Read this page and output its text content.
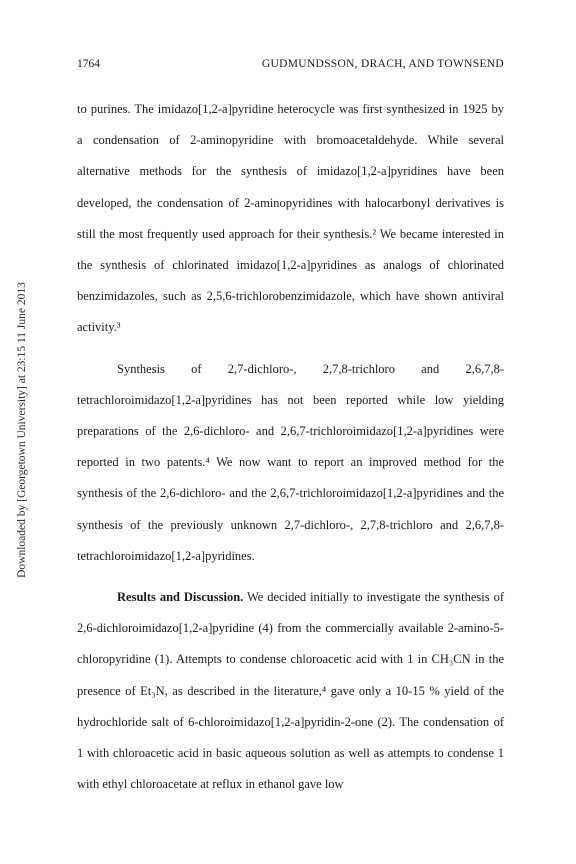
Downloaded by [Georgetown University] at 23:15 11 June 2013
1764	GUDMUNDSSON, DRACH, AND TOWNSEND

to purines. The imidazo[1,2-a]pyridine heterocycle was first synthesized in 1925 by a condensation of 2-aminopyridine with bromoacetaldehyde. While several alternative methods for the synthesis of imidazo[1,2-a]pyridines have been developed, the condensation of 2-aminopyridines with halocarbonyl derivatives is still the most frequently used approach for their synthesis.² We became interested in the synthesis of chlorinated imidazo[1,2-a]pyridines as analogs of chlorinated benzimidazoles, such as 2,5,6-trichlorobenzimidazole, which have shown antiviral activity.³

Synthesis of 2,7-dichloro-, 2,7,8-trichloro and 2,6,7,8-tetrachloroimidazo[1,2-a]pyridines has not been reported while low yielding preparations of the 2,6-dichloro- and 2,6,7-trichloroimidazo[1,2-a]pyridines were reported in two patents.⁴ We now want to report an improved method for the synthesis of the 2,6-dichloro- and the 2,6,7-trichloroimidazo[1,2-a]pyridines and the synthesis of the previously unknown 2,7-dichloro-, 2,7,8-trichloro and 2,6,7,8-tetrachloroimidazo[1,2-a]pyridines.

Results and Discussion. We decided initially to investigate the synthesis of 2,6-dichloroimidazo[1,2-a]pyridine (4) from the commercially available 2-amino-5-chloropyridine (1). Attempts to condense chloroacetic acid with 1 in CH₃CN in the presence of Et₃N, as described in the literature,⁴ gave only a 10-15 % yield of the hydrochloride salt of 6-chloroimidazo[1,2-a]pyridin-2-one (2). The condensation of 1 with chloroacetic acid in basic aqueous solution as well as attempts to condense 1 with ethyl chloroacetate at reflux in ethanol gave low
